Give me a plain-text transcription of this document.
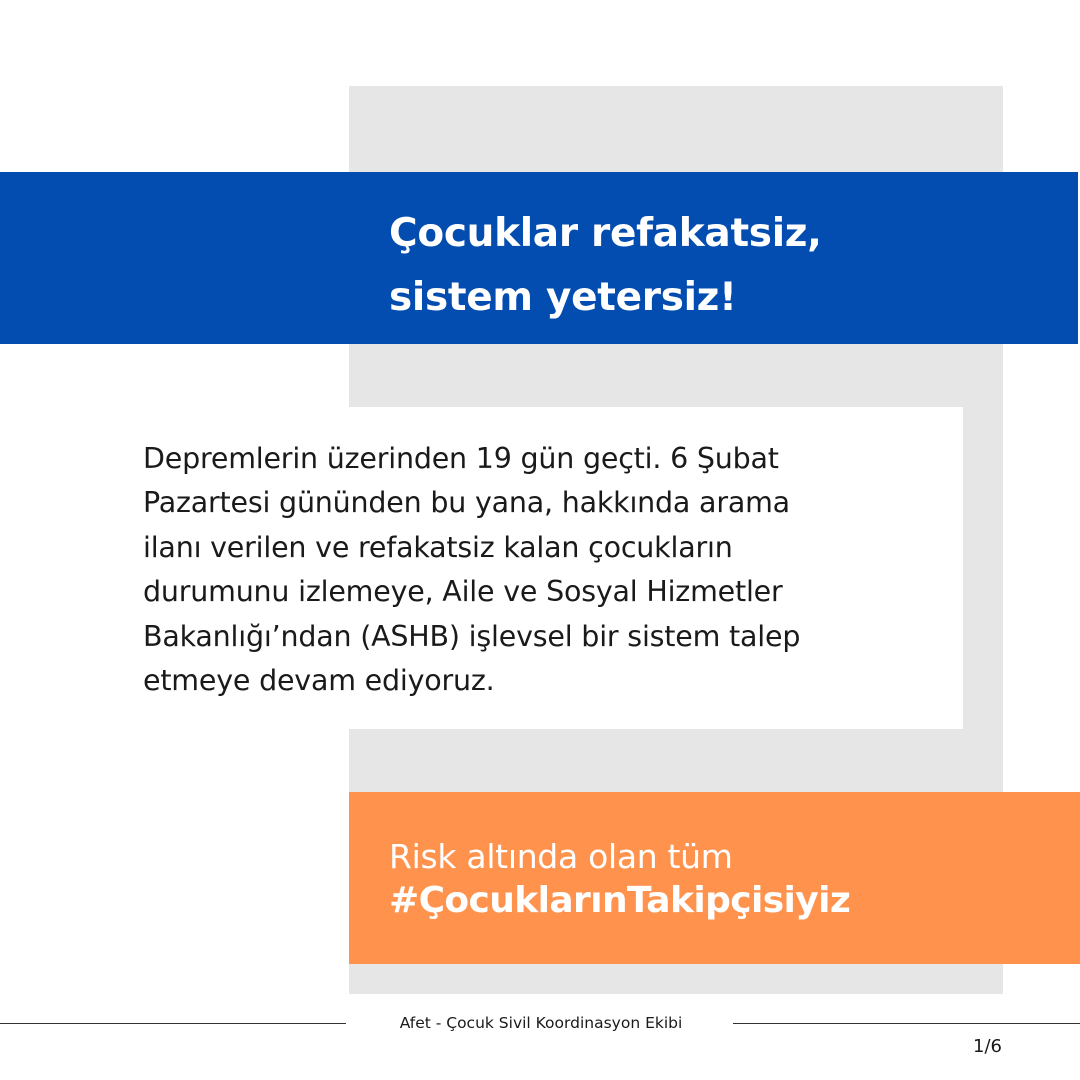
Çocuklar refakatsiz,
sistem yetersiz!

Depremlerin üzerinden 19 gün geçti. 6 Şubat
Pazartesi gününden bu yana, hakkında arama
ilanı verilen ve refakatsiz kalan çocukların
durumunu izlemeye, Aile ve Sosyal Hizmetler
Bakanlığı’ndan (ASHB) işlevsel bir sistem talep
etmeye devam ediyoruz.

Risk altında olan tüm

#ÇocuklarınTakipçisiyiz

Afet - Çocuk Sivil Koordinasyon Ekibi

1/6
